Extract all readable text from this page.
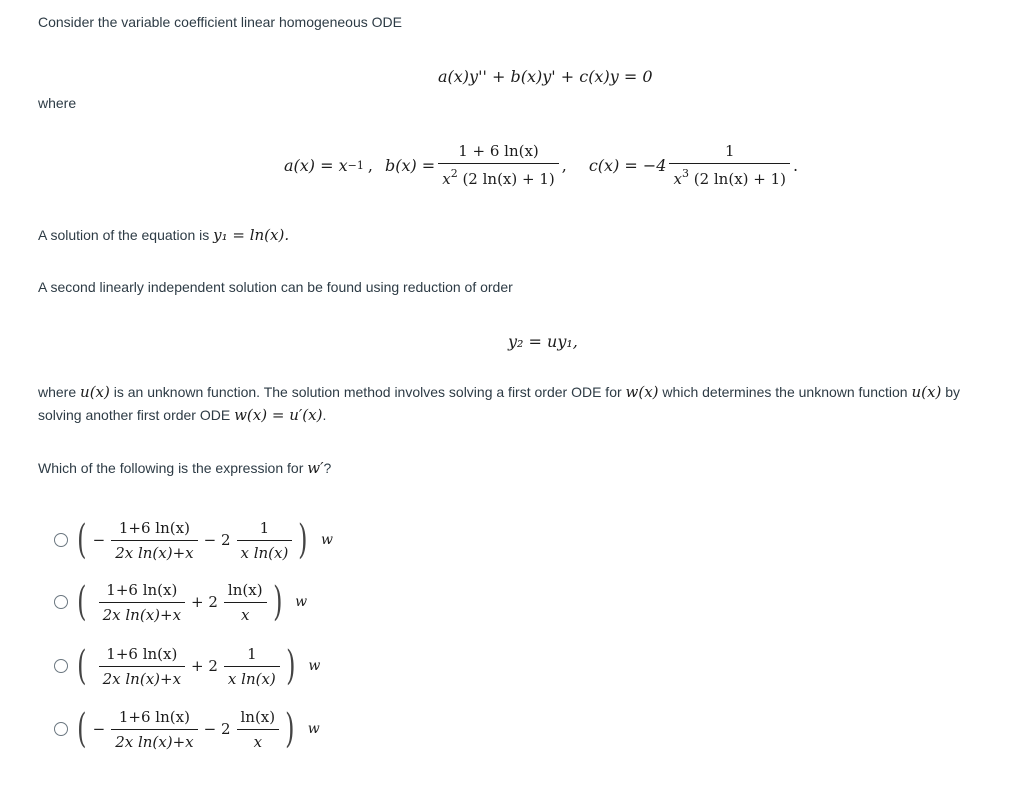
Consider the variable coefficient linear homogeneous ODE
a(x)y'' + b(x)y' + c(x)y = 0
where
a(x) = x −1 , $b(x) = \frac{1 + 6 \ln(x)}{x^2 (2 \ln(x) + 1)}$ , $c(x) = -4 \frac{1}{x^3 (2 \ln(x) + 1)}$ .
A solution of the equation is y₁ = ln(x).
A second linearly independent solution can be found using reduction of order
y₂ = uy₁,
where u(x) is an unknown function. The solution method involves solving a first order ODE for w(x) which determines the unknown function u(x) by
solving another first order ODE w(x) = u′(x).
Which of the following is the expression for w′?
( − $\frac{1+6 \ln(x)}{\text{2x ln(x)+x}} - 2 \frac{1}{\text{x ln(x)}}$ ) w
( $\frac{1+6 \ln(x)}{\text{2x ln(x)+x}} + 2 \frac{\ln(x)}{x}$ ) w
( $\frac{1+6 \ln(x)}{\text{2x ln(x)+x}} + 2 \frac{1}{\text{x ln(x)}}$ ) w
( − $\frac{1+6 \ln(x)}{\text{2x ln(x)+x}} - 2 \frac{\ln(x)}{x}$ ) w
